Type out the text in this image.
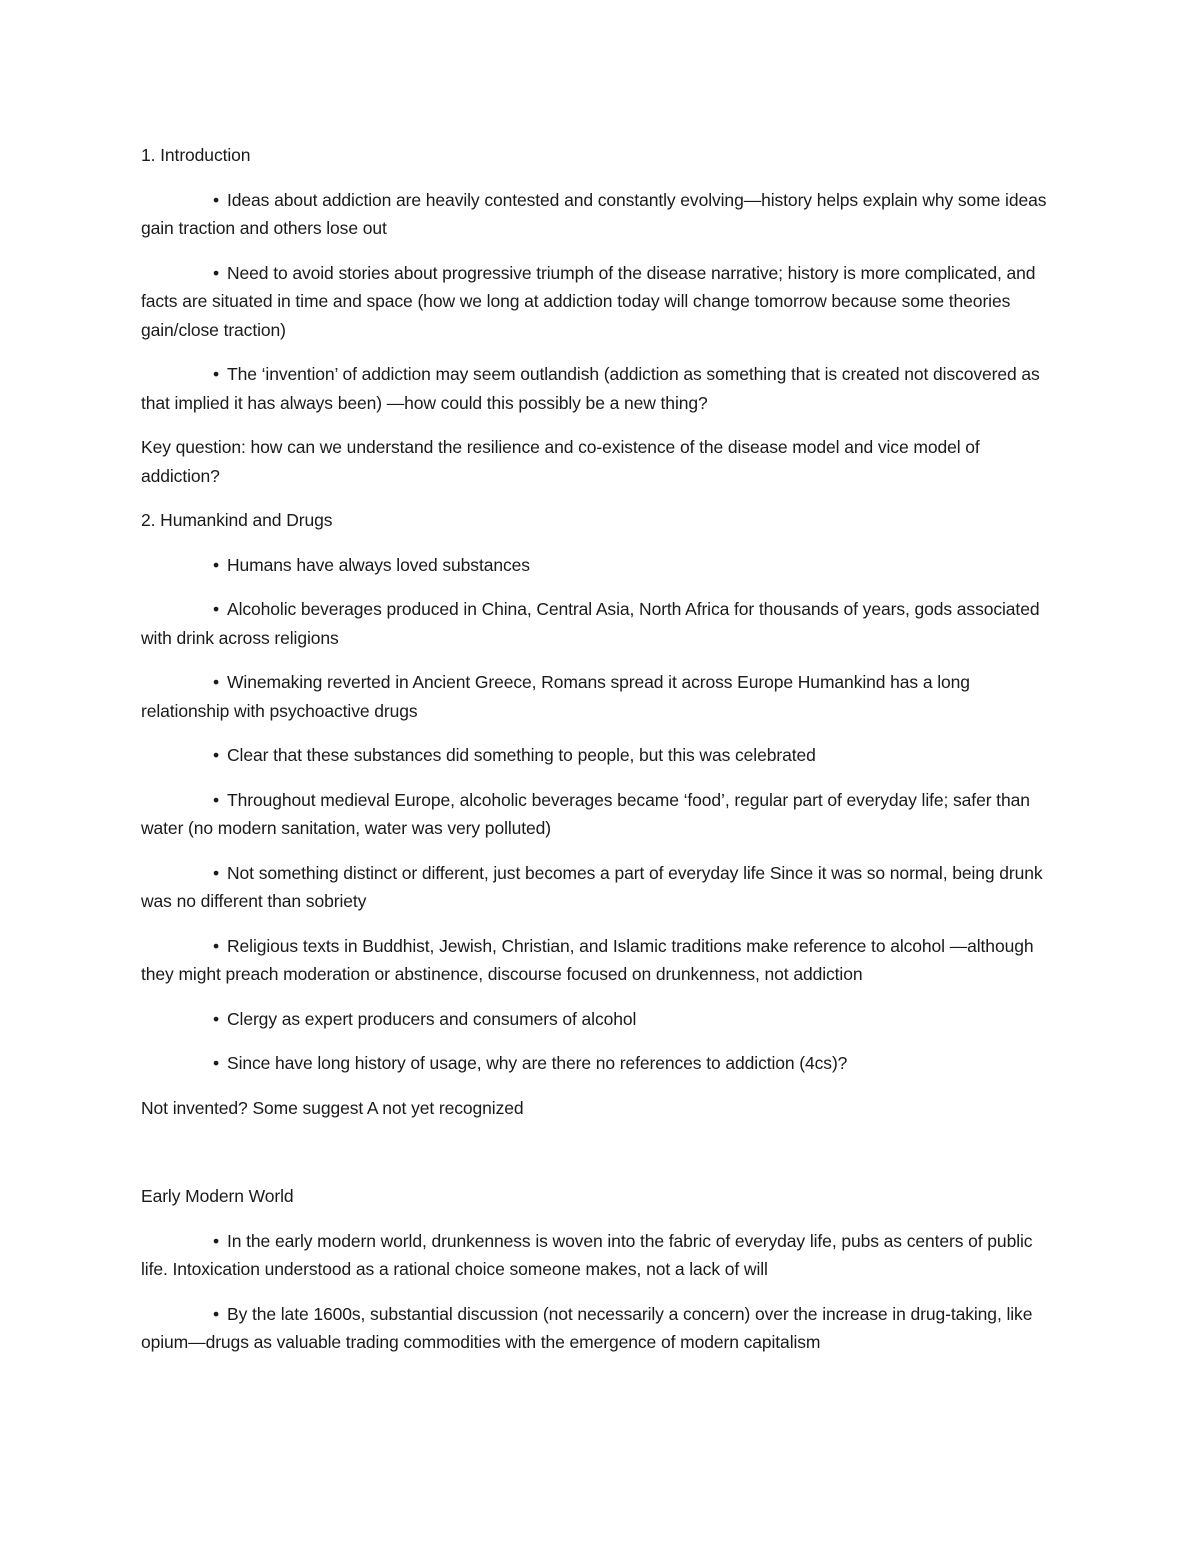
1. Introduction

• Ideas about addiction are heavily contested and constantly evolving—history helps explain why some ideas gain traction and others lose out

• Need to avoid stories about progressive triumph of the disease narrative; history is more complicated, and facts are situated in time and space (how we long at addiction today will change tomorrow because some theories gain/close traction)

• The ‘invention’ of addiction may seem outlandish (addiction as something that is created not discovered as that implied it has always been) —how could this possibly be a new thing?

Key question: how can we understand the resilience and co-existence of the disease model and vice model of addiction?

2. Humankind and Drugs

• Humans have always loved substances

• Alcoholic beverages produced in China, Central Asia, North Africa for thousands of years, gods associated with drink across religions

• Winemaking reverted in Ancient Greece, Romans spread it across Europe Humankind has a long relationship with psychoactive drugs

• Clear that these substances did something to people, but this was celebrated

• Throughout medieval Europe, alcoholic beverages became ‘food’, regular part of everyday life; safer than water (no modern sanitation, water was very polluted)

• Not something distinct or different, just becomes a part of everyday life Since it was so normal, being drunk was no different than sobriety

• Religious texts in Buddhist, Jewish, Christian, and Islamic traditions make reference to alcohol —although they might preach moderation or abstinence, discourse focused on drunkenness, not addiction

• Clergy as expert producers and consumers of alcohol

• Since have long history of usage, why are there no references to addiction (4cs)?

Not invented? Some suggest A not yet recognized

Early Modern World

• In the early modern world, drunkenness is woven into the fabric of everyday life, pubs as centers of public life. Intoxication understood as a rational choice someone makes, not a lack of will

• By the late 1600s, substantial discussion (not necessarily a concern) over the increase in drug-taking, like opium—drugs as valuable trading commodities with the emergence of modern capitalism
